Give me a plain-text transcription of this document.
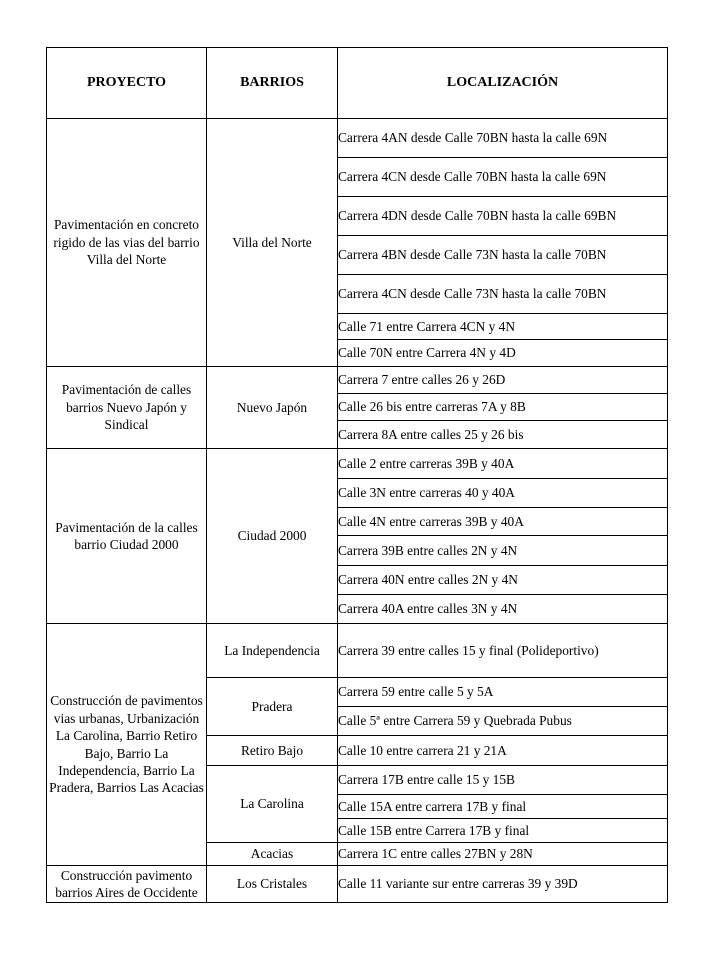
PROYECTO	BARRIOS	LOCALIZACIÓN
Pavimentación en concreto rigido de las vias del barrio Villa del Norte	Villa del Norte	Carrera 4AN desde Calle 70BN hasta la calle 69N
		Carrera 4CN desde Calle 70BN hasta la calle 69N
		Carrera 4DN desde Calle 70BN hasta la calle 69BN
		Carrera 4BN desde Calle 73N hasta la calle 70BN
		Carrera 4CN desde Calle 73N hasta la calle 70BN
		Calle 71 entre Carrera 4CN y 4N
		Calle 70N entre Carrera 4N y 4D
Pavimentación de calles barrios Nuevo Japón y Sindical	Nuevo Japón	Carrera 7 entre calles 26 y 26D
		Calle 26 bis entre carreras 7A y 8B
		Carrera 8A entre calles 25 y 26 bis
Pavimentación de la calles barrio Ciudad 2000	Ciudad 2000	Calle 2 entre carreras 39B y 40A
		Calle 3N entre carreras 40 y 40A
		Calle 4N entre carreras 39B y 40A
		Carrera 39B entre calles 2N y 4N
		Carrera 40N entre calles 2N y 4N
		Carrera 40A entre calles 3N y 4N
Construcción de pavimentos vias urbanas, Urbanización La Carolina, Barrio Retiro Bajo, Barrio La Independencia, Barrio La Pradera, Barrios Las Acacias	La Independencia	Carrera 39 entre calles 15 y final (Polideportivo)
	Pradera	Carrera 59 entre calle 5 y 5A
		Calle 5ª entre Carrera 59 y Quebrada Pubus
	Retiro Bajo	Calle 10 entre carrera 21 y 21A
	La Carolina	Carrera 17B entre calle 15 y 15B
		Calle 15A entre carrera 17B y final
		Calle 15B entre Carrera 17B y final
	Acacias	Carrera 1C entre calles 27BN y 28N
Construcción pavimento barrios Aires de Occidente	Los Cristales	Calle 11 variante sur entre carreras 39 y 39D
